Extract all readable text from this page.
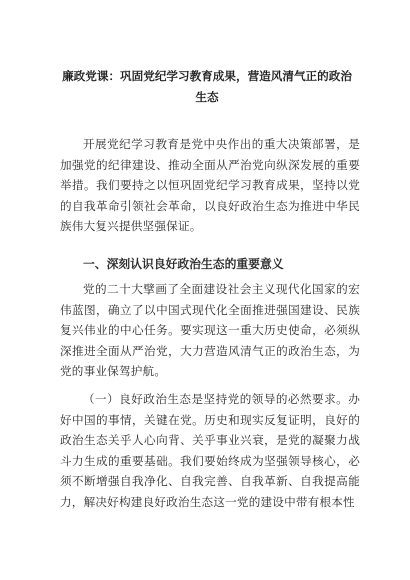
廉政党课：巩固党纪学习教育成果，营造风清气正的政治生态
开展党纪学习教育是党中央作出的重大决策部署，是加强党的纪律建设、推动全面从严治党向纵深发展的重要举措。我们要持之以恒巩固党纪学习教育成果，坚持以党的自我革命引领社会革命，以良好政治生态为推进中华民族伟大复兴提供坚强保证。
一、深刻认识良好政治生态的重要意义
党的二十大擘画了全面建设社会主义现代化国家的宏伟蓝图，确立了以中国式现代化全面推进强国建设、民族复兴伟业的中心任务。要实现这一重大历史使命，必须纵深推进全面从严治党，大力营造风清气正的政治生态，为党的事业保驾护航。
（一）良好政治生态是坚持党的领导的必然要求。办好中国的事情，关键在党。历史和现实反复证明，良好的政治生态关乎人心向背、关乎事业兴衰，是党的凝聚力战斗力生成的重要基础。我们要始终成为坚强领导核心，必须不断增强自我净化、自我完善、自我革新、自我提高能力，解决好构建良好政治生态这一党的建设中带有根本性
